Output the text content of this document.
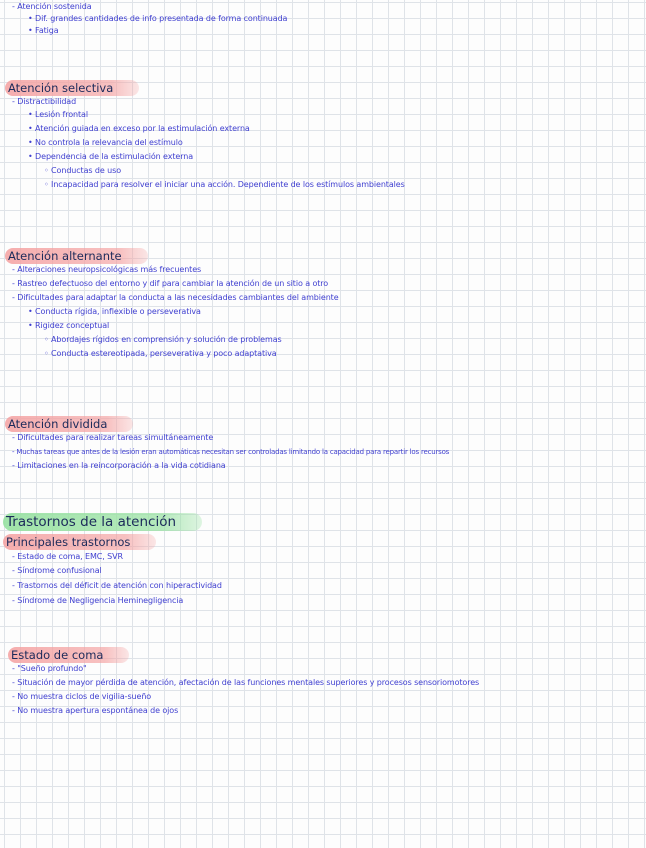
- Atención sostenida
• Dif. grandes cantidades de info presentada de forma continuada
• Fatiga
Atención selectiva
- Distractibilidad
• Lesión frontal
• Atención guiada en exceso por la estimulación externa
• No controla la relevancia del estímulo
• Dependencia de la estimulación externa
◦ Conductas de uso
◦ Incapacidad para resolver el iniciar una acción. Dependiente de los estímulos ambientales
Atención alternante
- Alteraciones neuropsicológicas más frecuentes
- Rastreo defectuoso del entorno y dif para cambiar la atención de un sitio a otro
- Dificultades para adaptar la conducta a las necesidades cambiantes del ambiente
• Conducta rígida, inflexible o perseverativa
• Rigidez conceptual
◦ Abordajes rígidos en comprensión y solución de problemas
◦ Conducta estereotipada, perseverativa y poco adaptativa
Atención dividida
- Dificultades para realizar tareas simultáneamente
- Muchas tareas que antes de la lesión eran automáticas necesitan ser controladas limitando la capacidad para repartir los recursos
- Limitaciones en la reincorporación a la vida cotidiana
Trastornos de la atención
Principales trastornos
- Estado de coma, EMC, SVR
- Síndrome confusional
- Trastornos del déficit de atención con hiperactividad
- Síndrome de Negligencia Heminegligencia
Estado de coma
- "Sueño profundo"
- Situación de mayor pérdida de atención, afectación de las funciones mentales superiores y procesos sensoriomotores
- No muestra ciclos de vigilia-sueño
- No muestra apertura espontánea de ojos
